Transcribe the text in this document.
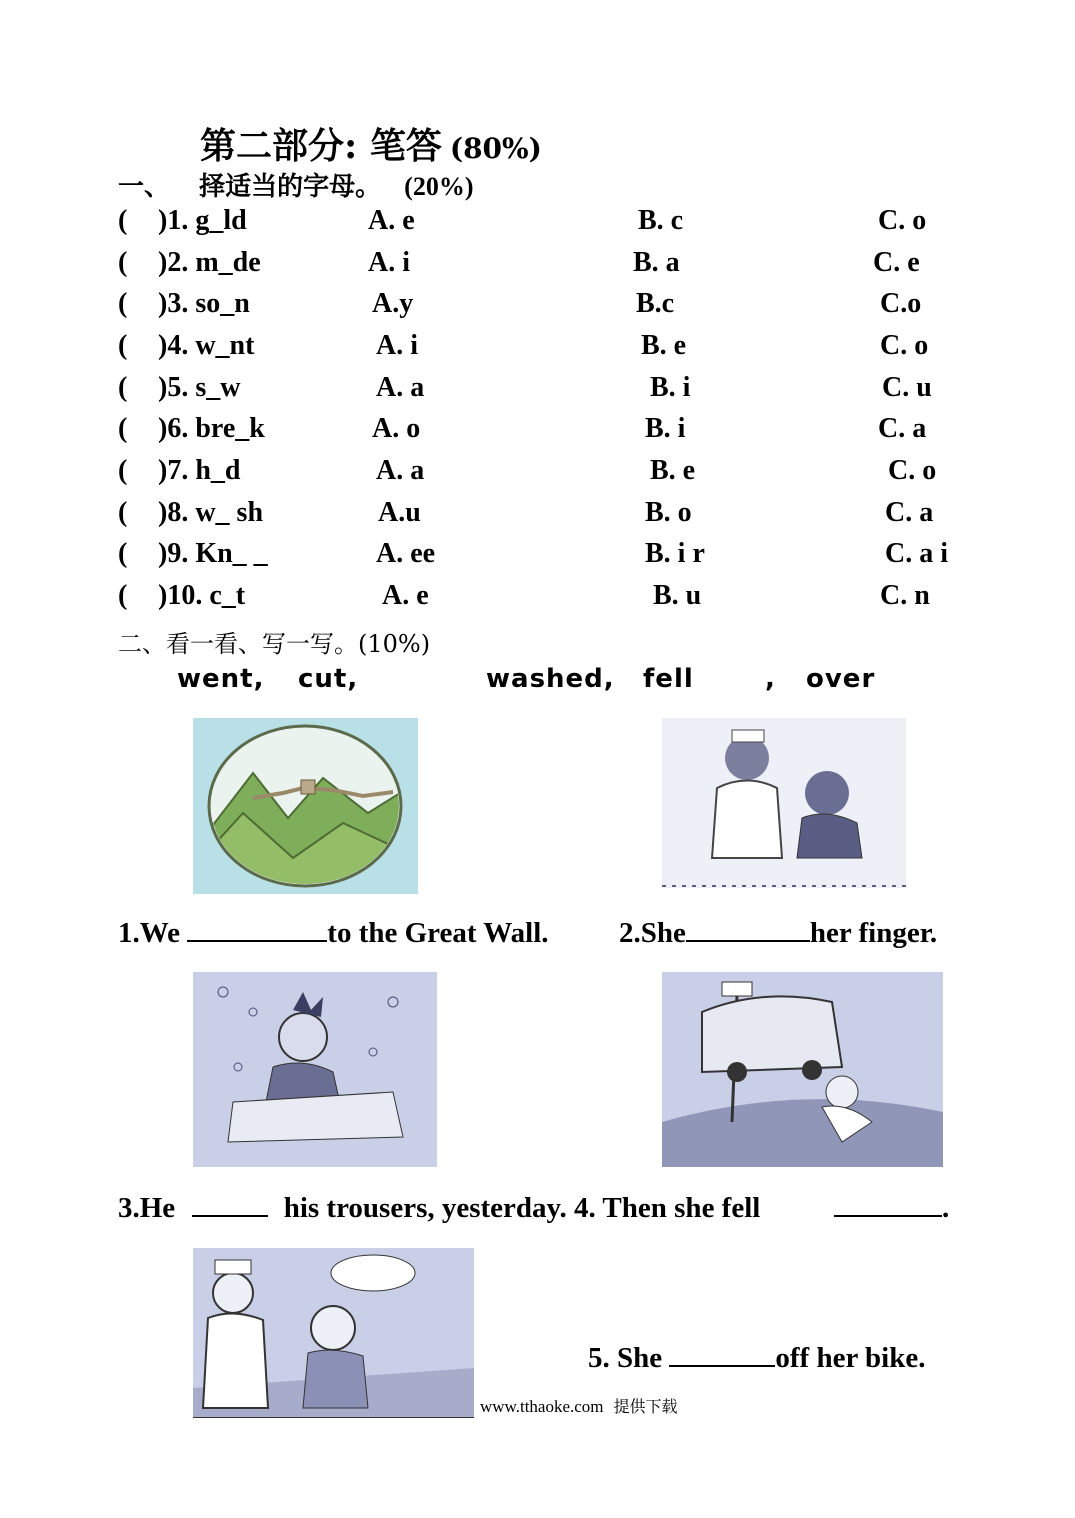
第二部分: 笔答 (80%)
一、 择适当的字母。 (20%)
( )1. g_ld	A. e	B. c	C. o
( )2. m_de	A. i	B. a	C. e
( )3. so_n	A.y	B.c	C.o
( )4. w_nt	A. i	B. e	C. o
( )5. s_w	A. a	B. i	C. u
( )6. bre_k	A. o	B. i	C. a
( )7. h_d	A. a	B. e	C. o
( )8. w_ sh	A.u	B. o	C. a
( )9. Kn_ _	A. ee	B. i r	C. a i
( )10. c_t	A. e	B. u	C. n
二、看一看、写一写。(10%)
went, cut,	washed, fell	, over
1.We	to the Great Wall. 2.She	her finger.
3.He	his trousers, yesterday. 4. Then she fell	.
5. She	off her bike.
www.tthaoke.com 提供下载
